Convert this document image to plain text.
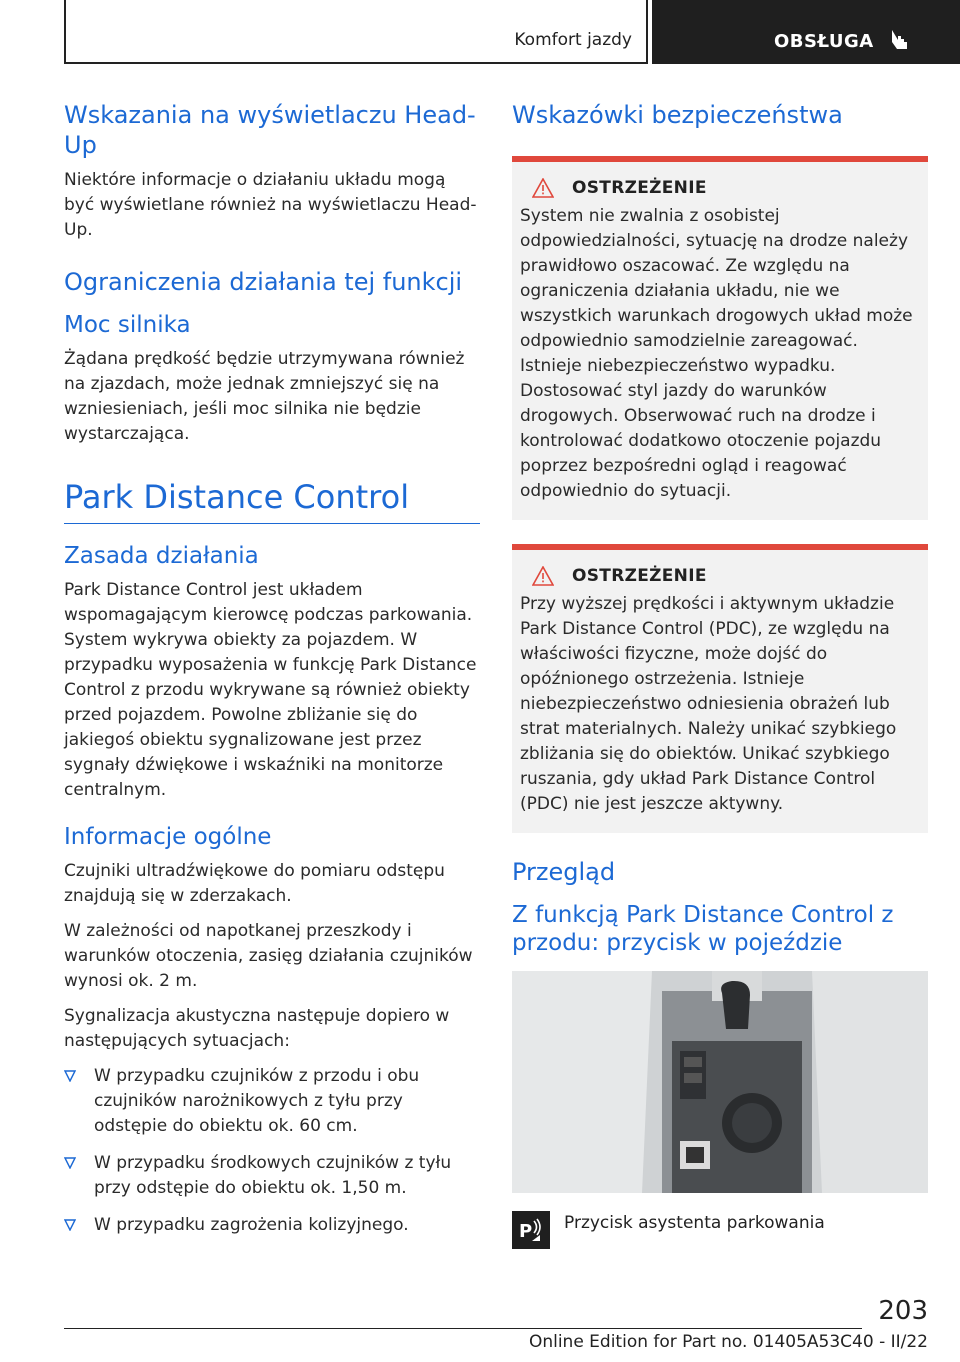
Komfort jazdy	OBSŁUGA
Wskazania na wyświetlaczu Head-Up

Niektóre informacje o działaniu układu mogą być wyświetlane również na wyświetlaczu Head-Up.

Ograniczenia działania tej funkcji
Moc silnika

Żądana prędkość będzie utrzymywana również na zjazdach, może jednak zmniejszyć się na wzniesieniach, jeśli moc silnika nie będzie wystarczająca.

Park Distance Control
Zasada działania

Park Distance Control jest układem wspomagającym kierowcę podczas parkowania. System wykrywa obiekty za pojazdem. W przypadku wyposażenia w funkcję Park Distance Control z przodu wykrywane są również obiekty przed pojazdem. Powolne zbliżanie się do jakiegoś obiektu sygnalizowane jest przez sygnały dźwiękowe i wskaźniki na monitorze centralnym.

Informacje ogólne

Czujniki ultradźwiękowe do pomiaru odstępu znajdują się w zderzakach.

W zależności od napotkanej przeszkody i warunków otoczenia, zasięg działania czujników wynosi ok. 2 m.

Sygnalizacja akustyczna następuje dopiero w następujących sytuacjach:

W przypadku czujników z przodu i obu czujników narożnikowych z tyłu przy odstępie do obiektu ok. 60 cm.
W przypadku środkowych czujników z tyłu przy odstępie do obiektu ok. 1,50 m.
W przypadku zagrożenia kolizyjnego.
Wskazówki bezpieczeństwa
OSTRZEŻENIE

System nie zwalnia z osobistej odpowiedzialności, sytuację na drodze należy prawidłowo oszacować. Ze względu na ograniczenia działania układu, nie we wszystkich warunkach drogowych układ może odpowiednio samodzielnie zareagować. Istnieje niebezpieczeństwo wypadku. Dostosować styl jazdy do warunków drogowych. Obserwować ruch na drodze i kontrolować dodatkowo otoczenie pojazdu poprzez bezpośredni ogląd i reagować odpowiednio do sytuacji.

OSTRZEŻENIE

Przy wyższej prędkości i aktywnym układzie Park Distance Control (PDC), ze względu na właściwości fizyczne, może dojść do opóźnionego ostrzeżenia. Istnieje niebezpieczeństwo odniesienia obrażeń lub strat materialnych. Należy unikać szybkiego zbliżania się do obiektów. Unikać szybkiego ruszania, gdy układ Park Distance Control (PDC) nie jest jeszcze aktywny.

Przegląd
Z funkcją Park Distance Control z przodu: przycisk w pojeździe
P Przycisk asystenta parkowania
203
Online Edition for Part no. 01405A53C40 - II/22
